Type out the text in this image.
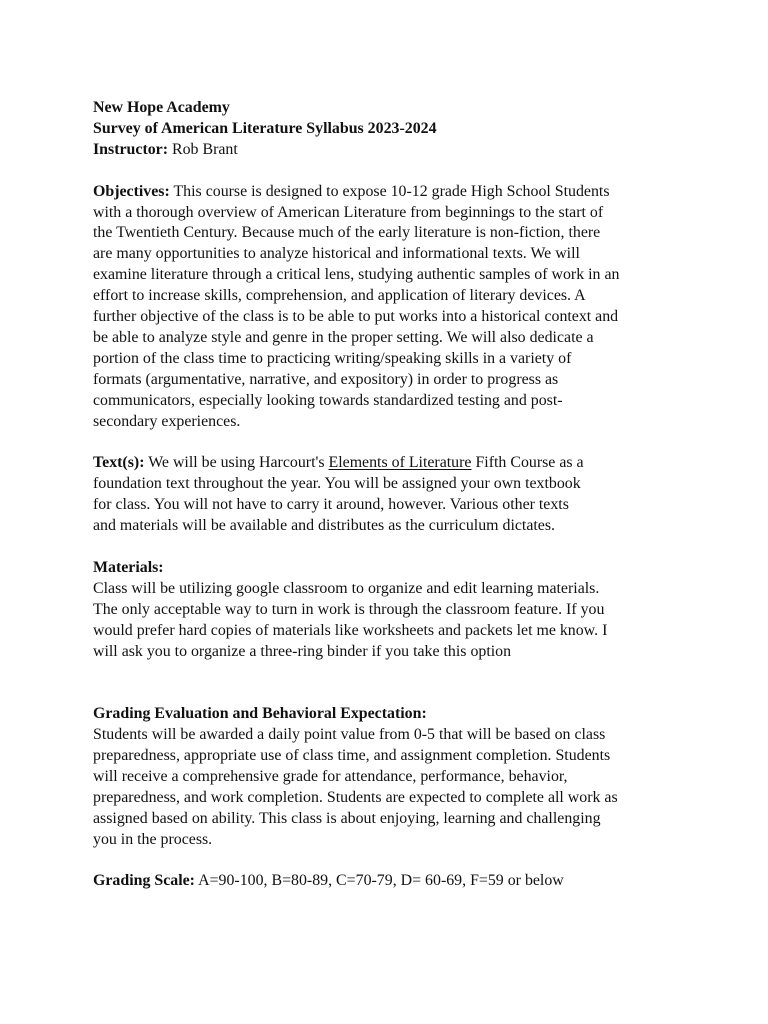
New Hope Academy

Survey of American Literature Syllabus 2023-2024

Instructor: Rob Brant

Objectives: This course is designed to expose 10-12 grade High School Students

with a thorough overview of American Literature from beginnings to the start of

the Twentieth Century. Because much of the early literature is non-fiction, there

are many opportunities to analyze historical and informational texts. We will

examine literature through a critical lens, studying authentic samples of work in an

effort to increase skills, comprehension, and application of literary devices. A

further objective of the class is to be able to put works into a historical context and

be able to analyze style and genre in the proper setting. We will also dedicate a

portion of the class time to practicing writing/speaking skills in a variety of

formats (argumentative, narrative, and expository) in order to progress as

communicators, especially looking towards standardized testing and post-

secondary experiences.

Text(s): We will be using Harcourt's Elements of Literature Fifth Course as a

foundation text throughout the year. You will be assigned your own textbook

for class. You will not have to carry it around, however. Various other texts

and materials will be available and distributes as the curriculum dictates.

Materials:

Class will be utilizing google classroom to organize and edit learning materials.

The only acceptable way to turn in work is through the classroom feature. If you

would prefer hard copies of materials like worksheets and packets let me know. I

will ask you to organize a three-ring binder if you take this option

Grading Evaluation and Behavioral Expectation:

Students will be awarded a daily point value from 0-5 that will be based on class

preparedness, appropriate use of class time, and assignment completion. Students

will receive a comprehensive grade for attendance, performance, behavior,

preparedness, and work completion. Students are expected to complete all work as

assigned based on ability. This class is about enjoying, learning and challenging

you in the process.

Grading Scale: A=90-100, B=80-89, C=70-79, D= 60-69, F=59 or below
